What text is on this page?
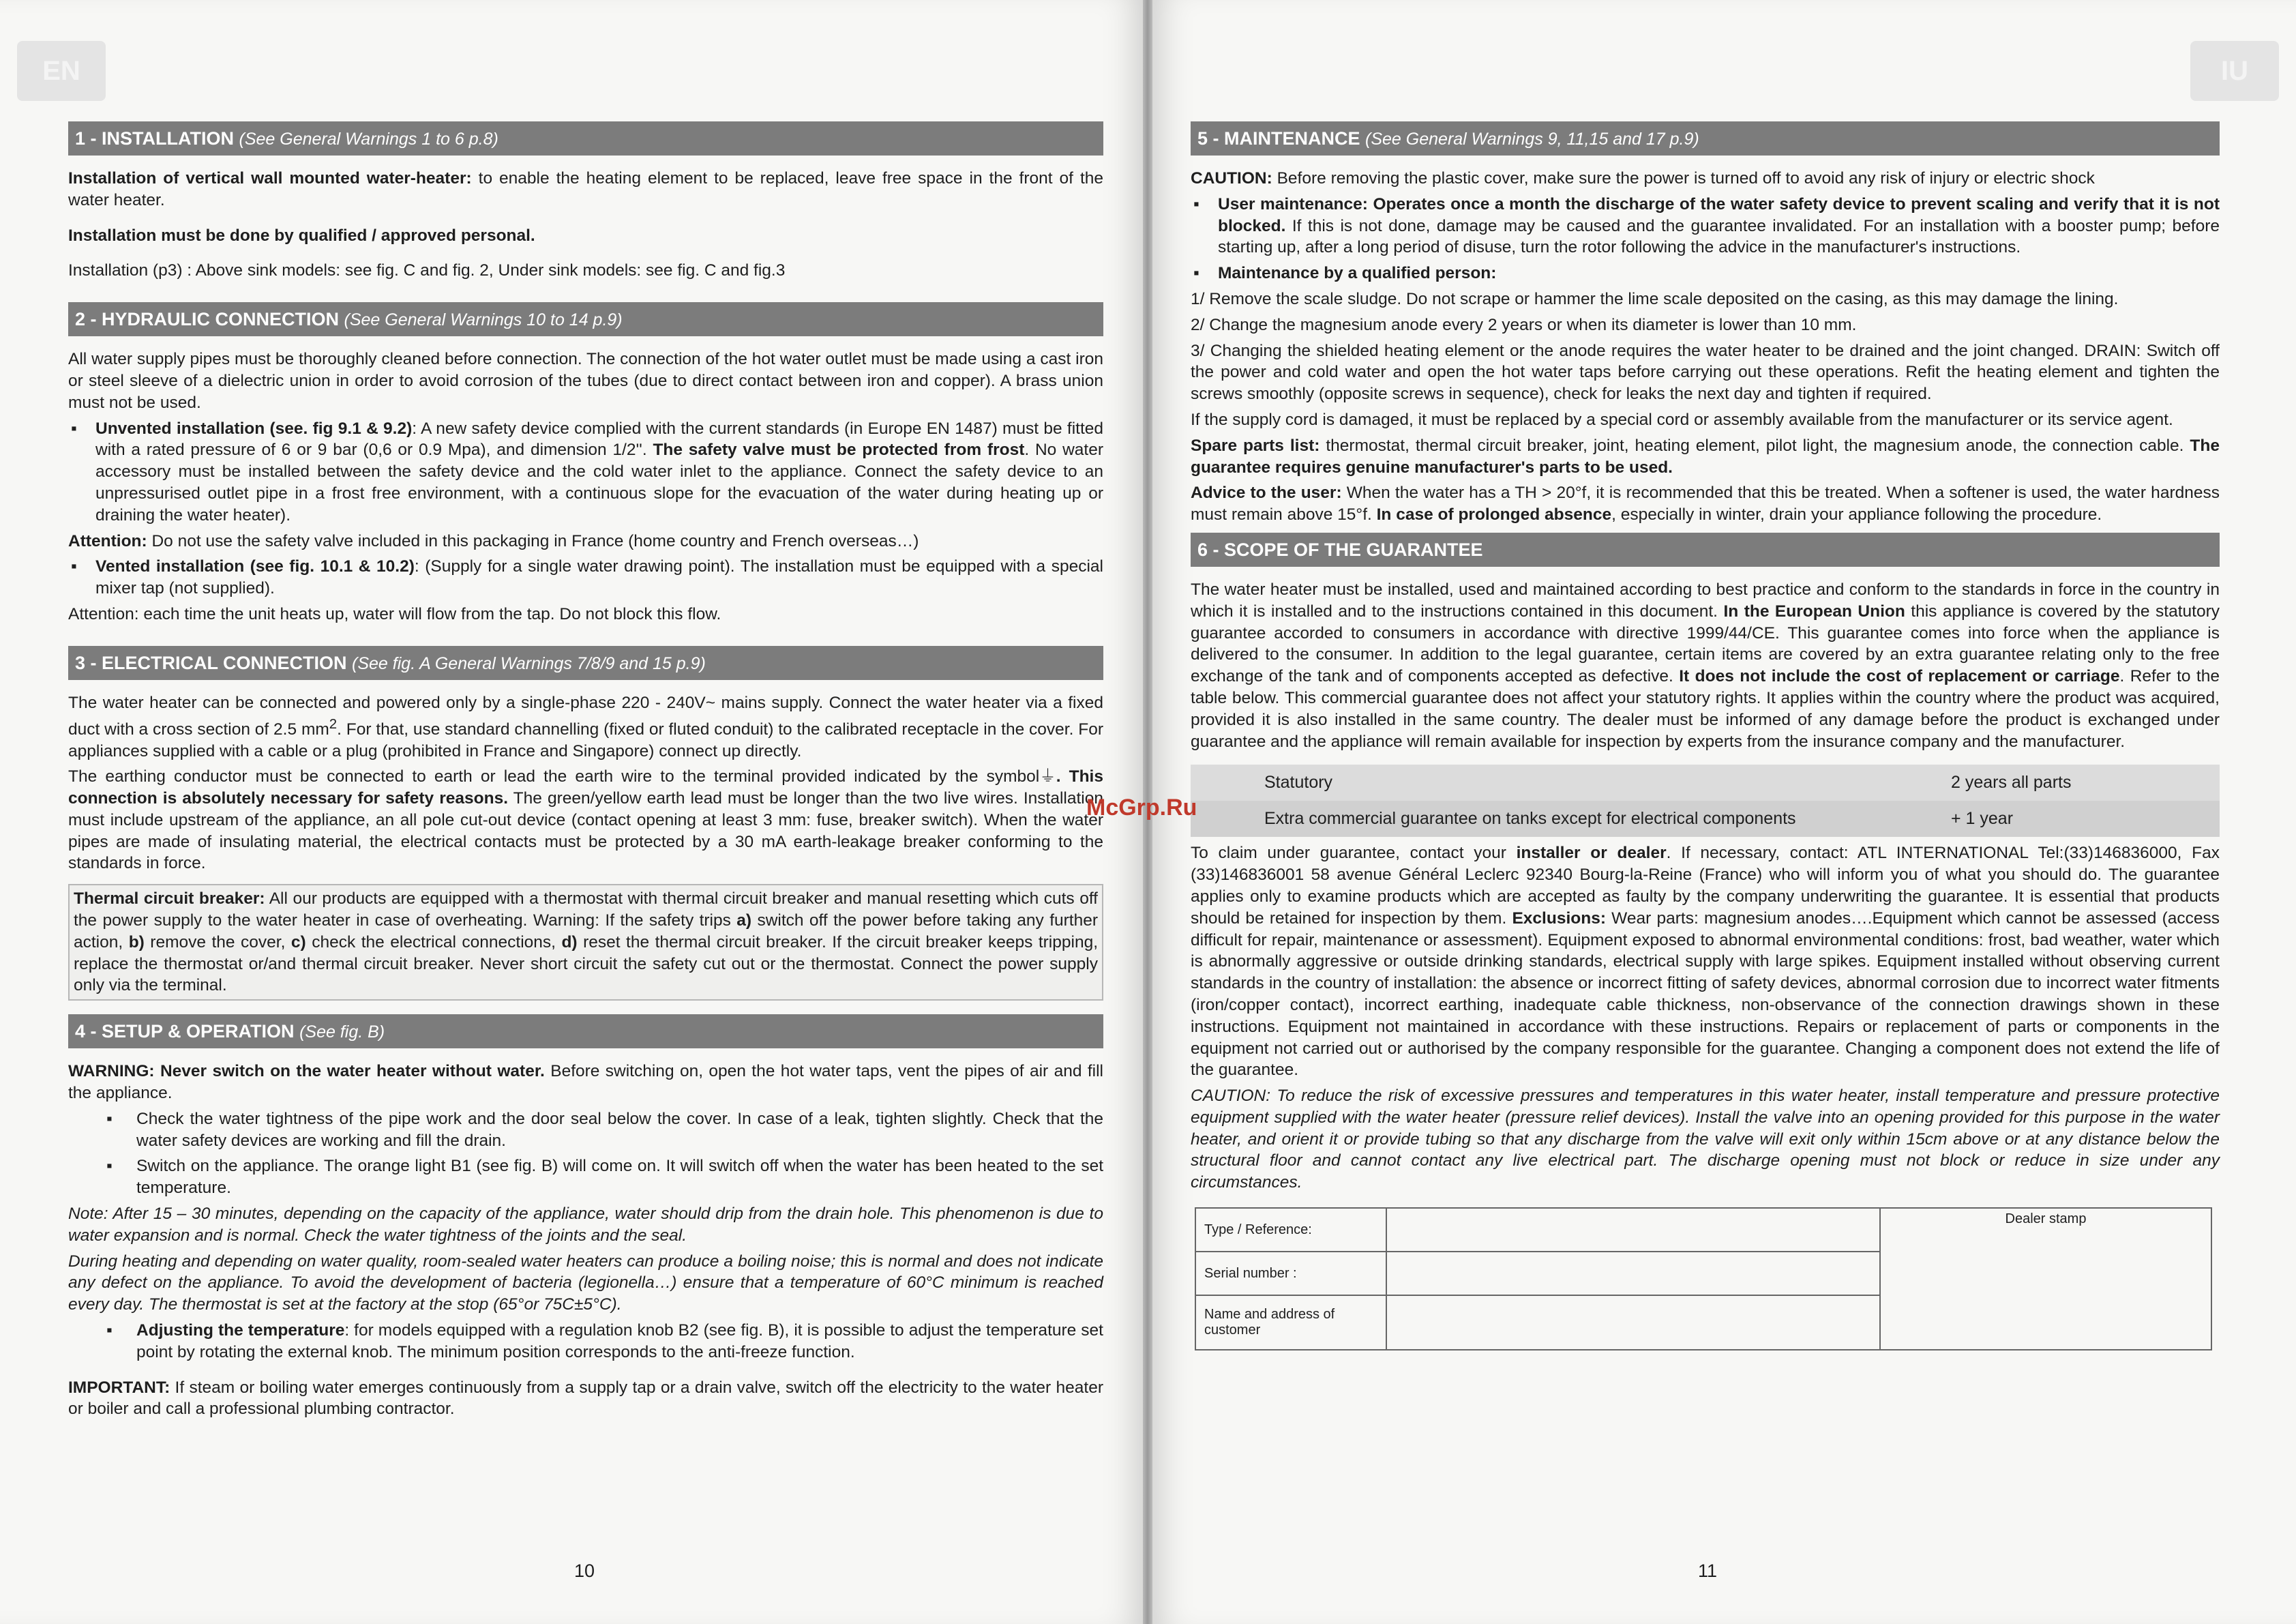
McGrp.Ru
EN
1 - INSTALLATION (See General Warnings 1 to 6 p.8)

Installation of vertical wall mounted water-heater: to enable the heating element to be replaced, leave free space in the front of the water heater.

Installation must be done by qualified / approved personal.

Installation (p3) : Above sink models: see fig. C and fig. 2, Under sink models: see fig. C and fig.3

2 - HYDRAULIC CONNECTION (See General Warnings 10 to 14 p.9)

All water supply pipes must be thoroughly cleaned before connection. The connection of the hot water outlet must be made using a cast iron or steel sleeve of a dielectric union in order to avoid corrosion of the tubes (due to direct contact between iron and copper). A brass union must not be used.

▪ Unvented installation (see. fig 9.1 & 9.2): A new safety device complied with the current standards (in Europe EN 1487) must be fitted with a rated pressure of 6 or 9 bar (0,6 or 0.9 Mpa), and dimension 1/2''. The safety valve must be protected from frost. No water accessory must be installed between the safety device and the cold water inlet to the appliance. Connect the safety device to an unpressurised outlet pipe in a frost free environment, with a continuous slope for the evacuation of the water during heating up or draining the water heater).

Attention: Do not use the safety valve included in this packaging in France (home country and French overseas…)

▪ Vented installation (see fig. 10.1 & 10.2): (Supply for a single water drawing point). The installation must be equipped with a special mixer tap (not supplied).

Attention: each time the unit heats up, water will flow from the tap. Do not block this flow.

3 - ELECTRICAL CONNECTION (See fig. A General Warnings 7/8/9 and 15 p.9)

The water heater can be connected and powered only by a single-phase 220 - 240V~ mains supply. Connect the water heater via a fixed duct with a cross section of 2.5 $mm^2$. For that, use standard channelling (fixed or fluted conduit) to the calibrated receptacle in the cover. For appliances supplied with a cable or a plug (prohibited in France and Singapore) connect up directly.

The earthing conductor must be connected to earth or lead the earth wire to the terminal provided indicated by the symbol⏚. This connection is absolutely necessary for safety reasons. The green/yellow earth lead must be longer than the two live wires. Installation must include upstream of the appliance, an all pole cut-out device (contact opening at least 3 mm: fuse, breaker switch). When the water pipes are made of insulating material, the electrical contacts must be protected by a 30 mA earth-leakage breaker conforming to the standards in force.

Thermal circuit breaker: All our products are equipped with a thermostat with thermal circuit breaker and manual resetting which cuts off the power supply to the water heater in case of overheating. Warning: If the safety trips a) switch off the power before taking any further action, b) remove the cover, c) check the electrical connections, d) reset the thermal circuit breaker. If the circuit breaker keeps tripping, replace the thermostat or/and thermal circuit breaker. Never short circuit the safety cut out or the thermostat. Connect the power supply only via the terminal.

4 - SETUP & OPERATION (See fig. B)

WARNING: Never switch on the water heater without water. Before switching on, open the hot water taps, vent the pipes of air and fill the appliance.

▪ Check the water tightness of the pipe work and the door seal below the cover. In case of a leak, tighten slightly. Check that the water safety devices are working and fill the drain.

▪ Switch on the appliance. The orange light B1 (see fig. B) will come on. It will switch off when the water has been heated to the set temperature.

Note: After 15 – 30 minutes, depending on the capacity of the appliance, water should drip from the drain hole. This phenomenon is due to water expansion and is normal. Check the water tightness of the joints and the seal.

During heating and depending on water quality, room-sealed water heaters can produce a boiling noise; this is normal and does not indicate any defect on the appliance. To avoid the development of bacteria (legionella…) ensure that a temperature of 60°C minimum is reached every day. The thermostat is set at the factory at the stop (65°or 75C±5°C).

▪ Adjusting the temperature: for models equipped with a regulation knob B2 (see fig. B), it is possible to adjust the temperature set point by rotating the external knob. The minimum position corresponds to the anti-freeze function.

IMPORTANT: If steam or boiling water emerges continuously from a supply tap or a drain valve, switch off the electricity to the water heater or boiler and call a professional plumbing contractor.

10
IU
5 - MAINTENANCE (See General Warnings 9, 11,15 and 17 p.9)

CAUTION: Before removing the plastic cover, make sure the power is turned off to avoid any risk of injury or electric shock

▪ User maintenance: Operates once a month the discharge of the water safety device to prevent scaling and verify that it is not blocked. If this is not done, damage may be caused and the guarantee invalidated. For an installation with a booster pump; before starting up, after a long period of disuse, turn the rotor following the advice in the manufacturer's instructions.

▪ Maintenance by a qualified person:

1/ Remove the scale sludge. Do not scrape or hammer the lime scale deposited on the casing, as this may damage the lining.

2/ Change the magnesium anode every 2 years or when its diameter is lower than 10 mm.

3/ Changing the shielded heating element or the anode requires the water heater to be drained and the joint changed. DRAIN: Switch off the power and cold water and open the hot water taps before carrying out these operations. Refit the heating element and tighten the screws smoothly (opposite screws in sequence), check for leaks the next day and tighten if required.

If the supply cord is damaged, it must be replaced by a special cord or assembly available from the manufacturer or its service agent.

Spare parts list: thermostat, thermal circuit breaker, joint, heating element, pilot light, the magnesium anode, the connection cable. The guarantee requires genuine manufacturer's parts to be used.

Advice to the user: When the water has a TH > 20°f, it is recommended that this be treated. When a softener is used, the water hardness must remain above 15°f. In case of prolonged absence, especially in winter, drain your appliance following the procedure.

6 - SCOPE OF THE GUARANTEE

The water heater must be installed, used and maintained according to best practice and conform to the standards in force in the country in which it is installed and to the instructions contained in this document. In the European Union this appliance is covered by the statutory guarantee accorded to consumers in accordance with directive 1999/44/CE. This guarantee comes into force when the appliance is delivered to the consumer. In addition to the legal guarantee, certain items are covered by an extra guarantee relating only to the free exchange of the tank and of components accepted as defective. It does not include the cost of replacement or carriage. Refer to the table below. This commercial guarantee does not affect your statutory rights. It applies within the country where the product was acquired, provided it is also installed in the same country. The dealer must be informed of any damage before the product is exchanged under guarantee and the appliance will remain available for inspection by experts from the insurance company and the manufacturer.

Statutory	2 years all parts
Extra commercial guarantee on tanks except for electrical components	+ 1 year

To claim under guarantee, contact your installer or dealer. If necessary, contact: ATL INTERNATIONAL Tel:(33)146836000, Fax (33)146836001 58 avenue Général Leclerc 92340 Bourg-la-Reine (France) who will inform you of what you should do. The guarantee applies only to examine products which are accepted as faulty by the company underwriting the guarantee. It is essential that products should be retained for inspection by them. Exclusions: Wear parts: magnesium anodes….Equipment which cannot be assessed (access difficult for repair, maintenance or assessment). Equipment exposed to abnormal environmental conditions: frost, bad weather, water which is abnormally aggressive or outside drinking standards, electrical supply with large spikes. Equipment installed without observing current standards in the country of installation: the absence or incorrect fitting of safety devices, abnormal corrosion due to incorrect water fitments (iron/copper contact), incorrect earthing, inadequate cable thickness, non-observance of the connection drawings shown in these instructions. Equipment not maintained in accordance with these instructions. Repairs or replacement of parts or components in the equipment not carried out or authorised by the company responsible for the guarantee. Changing a component does not extend the life of the guarantee.

CAUTION: To reduce the risk of excessive pressures and temperatures in this water heater, install temperature and pressure protective equipment supplied with the water heater (pressure relief devices). Install the valve into an opening provided for this purpose in the water heater, and orient it or provide tubing so that any discharge from the valve will exit only within 15cm above or at any distance below the structural floor and cannot contact any live electrical part. The discharge opening must not block or reduce in size under any circumstances.

Type / Reference:		Dealer stamp
Serial number :		
Name and address of customer		
11
